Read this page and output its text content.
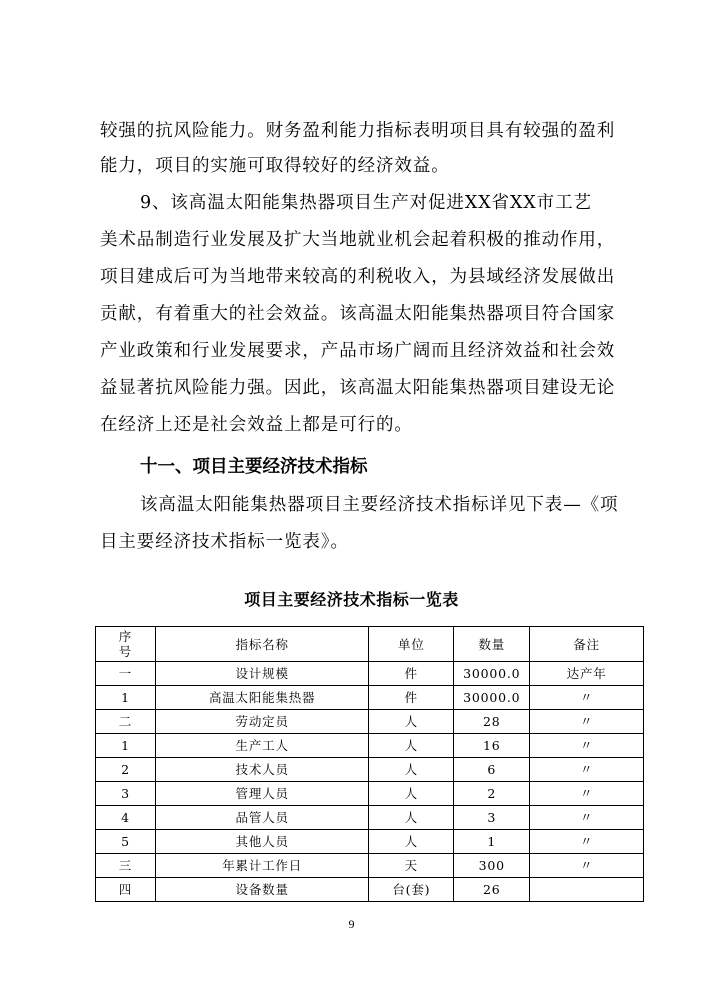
较强的抗风险能力。财务盈利能力指标表明项目具有较强的盈利
能力，项目的实施可取得较好的经济效益。
9、该高温太阳能集热器项目生产对促进XX省XX市工艺
美术品制造行业发展及扩大当地就业机会起着积极的推动作用，
项目建成后可为当地带来较高的利税收入，为县域经济发展做出
贡献，有着重大的社会效益。该高温太阳能集热器项目符合国家
产业政策和行业发展要求，产品市场广阔而且经济效益和社会效
益显著抗风险能力强。因此，该高温太阳能集热器项目建设无论
在经济上还是社会效益上都是可行的。
十一、项目主要经济技术指标
该高温太阳能集热器项目主要经济技术指标详见下表—《项
目主要经济技术指标一览表》。
项目主要经济技术指标一览表
序
号	指标名称	单位	数量	备注
一	设计规模	件	30000.0	达产年
1	高温太阳能集热器	件	30000.0	〃
二	劳动定员	人	28	〃
1	生产工人	人	16	〃
2	技术人员	人	6	〃
3	管理人员	人	2	〃
4	品管人员	人	3	〃
5	其他人员	人	1	〃
三	年累计工作日	天	300	〃
四	设备数量	台(套)	26	
9
